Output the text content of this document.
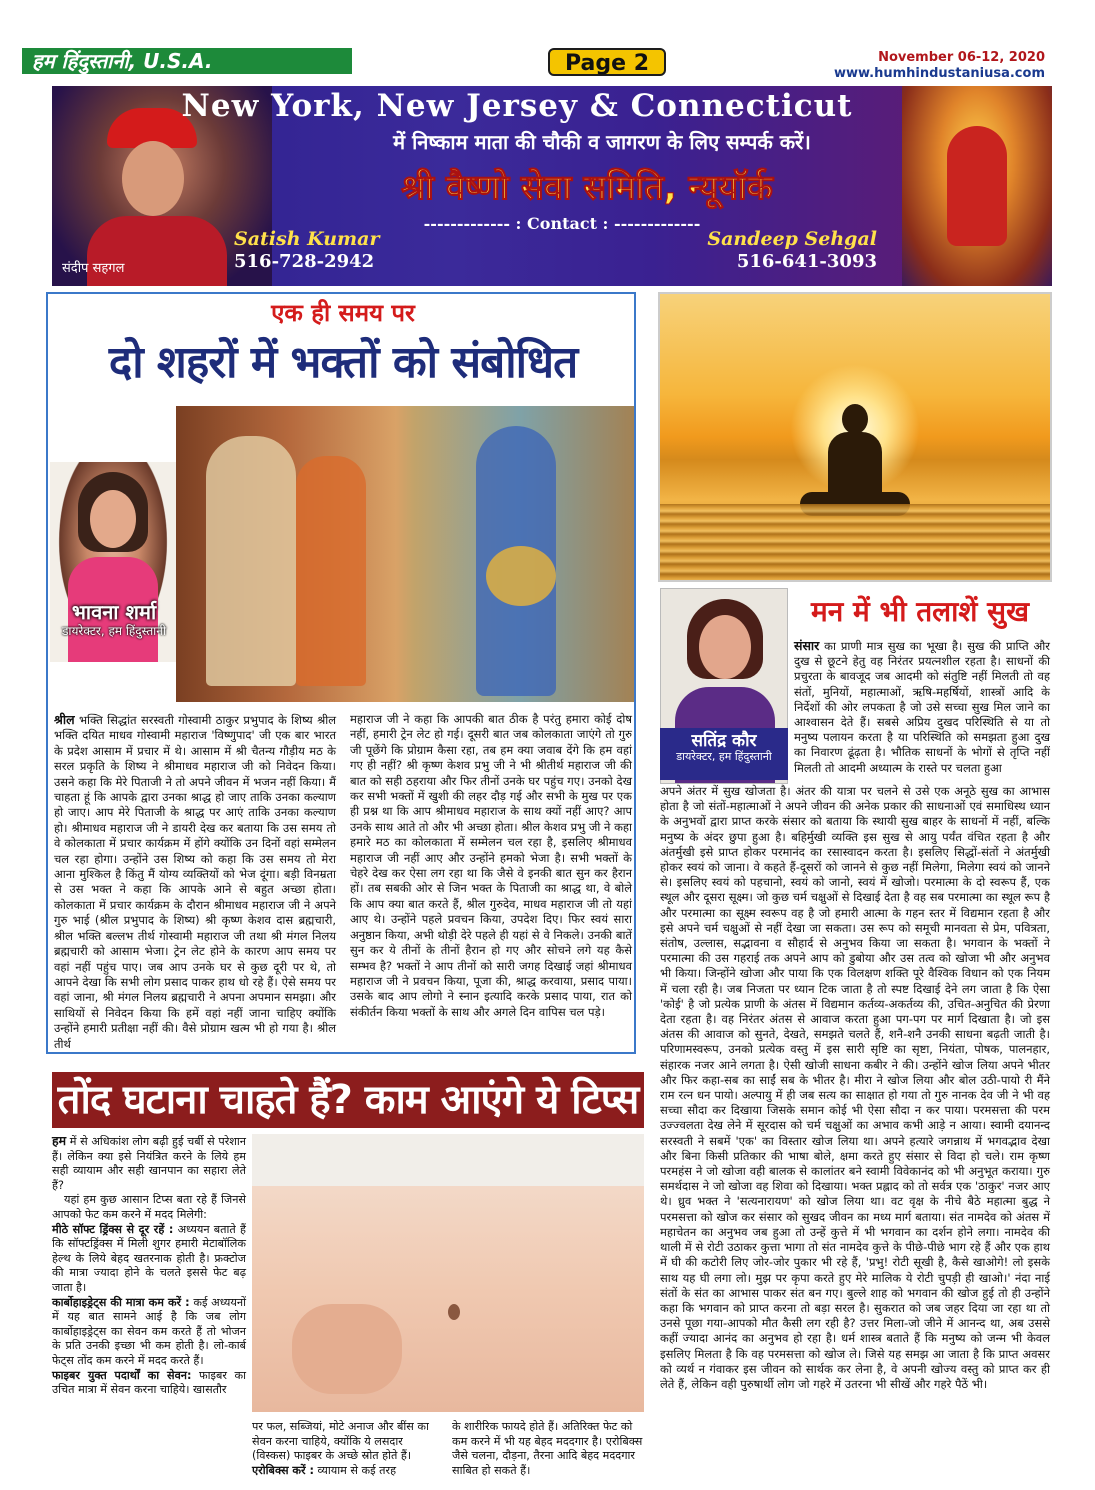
हम हिंदुस्तानी, U.S.A.	Page 2	November 06-12, 2020
www.humhindustaniusa.com
संदीप सहगल
New York, New Jersey & Connecticut
में निष्काम माता की चौकी व जागरण के लिए सम्पर्क करें।
श्री वैष्णो सेवा समिति, न्यूयॉर्क
------------- : Contact : -------------
Satish Kumar
516-728-2942
Sandeep Sehgal
516-641-3093
एक ही समय पर
दो शहरों में भक्तों को संबोधित
भावना शर्मा
डायरेक्टर, हम हिंदुस्तानी
श्रील भक्ति सिद्धांत सरस्वती गोस्वामी ठाकुर प्रभुपाद के शिष्य श्रील भक्ति दयित माधव गोस्वामी महाराज 'विष्णुपाद' जी एक बार भारत के प्रदेश आसाम में प्रचार में थे। आसाम में श्री चैतन्य गौड़ीय मठ के सरल प्रकृति के शिष्य ने श्रीमाधव महाराज जी को निवेदन किया। उसने कहा कि मेरे पिताजी ने तो अपने जीवन में भजन नहीं किया। मैं चाहता हूं कि आपके द्वारा उनका श्राद्ध हो जाए ताकि उनका कल्याण हो जाए। आप मेरे पिताजी के श्राद्ध पर आएं ताकि उनका कल्याण हो। श्रीमाधव महाराज जी ने डायरी देख कर बताया कि उस समय तो वे कोलकाता में प्रचार कार्यक्रम में होंगे क्योंकि उन दिनों वहां सम्मेलन चल रहा होगा। उन्होंने उस शिष्य को कहा कि उस समय तो मेरा आना मुश्किल है किंतु मैं योग्य व्यक्तियों को भेज दूंगा। बड़ी विनम्रता से उस भक्त ने कहा कि आपके आने से बहुत अच्छा होता। कोलकाता में प्रचार कार्यक्रम के दौरान श्रीमाधव महाराज जी ने अपने गुरु भाई (श्रील प्रभुपाद के शिष्य) श्री कृष्ण केशव दास ब्रह्मचारी, श्रील भक्ति बल्लभ तीर्थ गोस्वामी महाराज जी तथा श्री मंगल निलय ब्रह्मचारी को आसाम भेजा। ट्रेन लेट होने के कारण आप समय पर वहां नहीं पहुंच पाए। जब आप उनके घर से कुछ दूरी पर थे, तो आपने देखा कि सभी लोग प्रसाद पाकर हाथ धो रहे हैं। ऐसे समय पर वहां जाना, श्री मंगल निलय ब्रह्मचारी ने अपना अपमान समझा। और साथियों से निवेदन किया कि हमें वहां नहीं जाना चाहिए क्योंकि उन्होंने हमारी प्रतीक्षा नहीं की। वैसे प्रोग्राम खत्म भी हो गया है। श्रील तीर्थ
महाराज जी ने कहा कि आपकी बात ठीक है परंतु हमारा कोई दोष नहीं, हमारी ट्रेन लेट हो गई। दूसरी बात जब कोलकाता जाएंगे तो गुरु जी पूछेंगे कि प्रोग्राम कैसा रहा, तब हम क्या जवाब देंगे कि हम वहां गए ही नहीं? श्री कृष्ण केशव प्रभु जी ने भी श्रीतीर्थ महाराज जी की बात को सही ठहराया और फिर तीनों उनके घर पहुंच गए। उनको देख कर सभी भक्तों में खुशी की लहर दौड़ गई और सभी के मुख पर एक ही प्रश्न था कि आप श्रीमाधव महाराज के साथ क्यों नहीं आए? आप उनके साथ आते तो और भी अच्छा होता। श्रील केशव प्रभु जी ने कहा हमारे मठ का कोलकाता में सम्मेलन चल रहा है, इसलिए श्रीमाधव महाराज जी नहीं आए और उन्होंने हमको भेजा है। सभी भक्तों के चेहरे देख कर ऐसा लग रहा था कि जैसे वे इनकी बात सुन कर हैरान हों। तब सबकी ओर से जिन भक्त के पिताजी का श्राद्ध था, वे बोले कि आप क्या बात करते हैं, श्रील गुरुदेव, माधव महाराज जी तो यहां आए थे। उन्होंने पहले प्रवचन किया, उपदेश दिए। फिर स्वयं सारा अनुष्ठान किया, अभी थोड़ी देरे पहले ही यहां से वे निकले। उनकी बातें सुन कर ये तीनों के तीनों हैरान हो गए और सोचने लगे यह कैसे सम्भव है? भक्तों ने आप तीनों को सारी जगह दिखाई जहां श्रीमाधव महाराज जी ने प्रवचन किया, पूजा की, श्राद्ध करवाया, प्रसाद पाया। उसके बाद आप लोगो ने स्नान इत्यादि करके प्रसाद पाया, रात को संकीर्तन किया भक्तों के साथ और अगले दिन वापिस चल पड़े।
सतिंद्र कौर
डायरेक्टर, हम हिंदुस्तानी
मन में भी तलाशें सुख
संसार का प्राणी मात्र सुख का भूखा है। सुख की प्राप्ति और दुख से छूटने हेतु वह निरंतर प्रयत्नशील रहता है। साधनों की प्रचुरता के बावजूद जब आदमी को संतुष्टि नहीं मिलती तो वह संतों, मुनियों, महात्माओं, ऋषि-महर्षियों, शास्त्रों आदि के निर्देशों की ओर लपकता है जो उसे सच्चा सुख मिल जाने का आश्वासन देते हैं। सबसे अप्रिय दुखद परिस्थिति से या तो मनुष्य पलायन करता है या परिस्थिति को समझता हुआ दुख का निवारण ढूंढ़ता है। भौतिक साधनों के भोगों से तृप्ति नहीं मिलती तो आदमी अध्यात्म के रास्ते पर चलता हुआ
अपने अंतर में सुख खोजता है। अंतर की यात्रा पर चलने से उसे एक अनूठे सुख का आभास होता है जो संतों-महात्माओं ने अपने जीवन की अनेक प्रकार की साधनाओं एवं समाधिस्थ ध्यान के अनुभवों द्वारा प्राप्त करके संसार को बताया कि स्थायी सुख बाहर के साधनों में नहीं, बल्कि मनुष्य के अंदर छुपा हुआ है। बहिर्मुखी व्यक्ति इस सुख से आयु पर्यंत वंचित रहता है और अंतर्मुखी इसे प्राप्त होकर परमानंद का रसास्वादन करता है। इसलिए सिद्धों-संतों ने अंतर्मुखी होकर स्वयं को जाना। वे कहते हैं-दूसरों को जानने से कुछ नहीं मिलेगा, मिलेगा स्वयं को जानने से। इसलिए स्वयं को पहचानो, स्वयं को जानो, स्वयं में खोजो। परमात्मा के दो स्वरूप हैं, एक स्थूल और दूसरा सूक्ष्म। जो कुछ चर्म चक्षुओं से दिखाई देता है वह सब परमात्मा का स्थूल रूप है और परमात्मा का सूक्ष्म स्वरूप वह है जो हमारी आत्मा के गहन स्तर में विद्यमान रहता है और इसे अपने चर्म चक्षुओं से नहीं देखा जा सकता। उस रूप को समूची मानवता से प्रेम, पवित्रता, संतोष, उल्लास, सद्भावना व सौहार्द से अनुभव किया जा सकता है। भगवान के भक्तों ने परमात्मा की उस गहराई तक अपने आप को डुबोया और उस तत्व को खोजा भी और अनुभव भी किया। जिन्होंने खोजा और पाया कि एक विलक्षण शक्ति पूरे वैश्विक विधान को एक नियम में चला रही है। जब निजता पर ध्यान टिक जाता है तो स्पष्ट दिखाई देने लग जाता है कि ऐसा 'कोई' है जो प्रत्येक प्राणी के अंतस में विद्यमान कर्तव्य-अकर्तव्य की, उचित-अनुचित की प्रेरणा देता रहता है। वह निरंतर अंतस से आवाज करता हुआ पग-पग पर मार्ग दिखाता है। जो इस अंतस की आवाज को सुनते, देखते, समझते चलते हैं, शनै-शनै उनकी साधना बढ़ती जाती है। परिणामस्वरूप, उनको प्रत्येक वस्तु में इस सारी सृष्टि का सृष्टा, नियंता, पोषक, पालनहार, संहारक नजर आने लगता है। ऐसी खोजी साधना कबीर ने की। उन्होंने खोज लिया अपने भीतर और फिर कहा-सब का साईं सब के भीतर है। मीरा ने खोज लिया और बोल उठी-पायो री मैंने राम रत्न धन पायो। अल्पायु में ही जब सत्य का साक्षात हो गया तो गुरु नानक देव जी ने भी वह सच्चा सौदा कर दिखाया जिसके समान कोई भी ऐसा सौदा न कर पाया। परमसत्ता की परम उज्ज्वलता देख लेने में सूरदास को चर्म चक्षुओं का अभाव कभी आड़े न आया। स्वामी दयानन्द सरस्वती ने सबमें 'एक' का विस्तार खोज लिया था। अपने हत्यारे जगन्नाथ में भगवद्भाव देखा और बिना किसी प्रतिकार की भाषा बोले, क्षमा करते हुए संसार से विदा हो चले। राम कृष्ण परमहंस ने जो खोजा वही बालक से कालांतर बने स्वामी विवेकानंद को भी अनुभूत कराया। गुरु समर्थदास ने जो खोजा वह शिवा को दिखाया। भक्त प्रह्लाद को तो सर्वत्र एक 'ठाकुर' नजर आए थे। ध्रुव भक्त ने 'सत्यनारायण' को खोज लिया था। वट वृक्ष के नीचे बैठे महात्मा बुद्ध ने परमसत्ता को खोज कर संसार को सुखद जीवन का मध्य मार्ग बताया। संत नामदेव को अंतस में महाचेतन का अनुभव जब हुआ तो उन्हें कुत्ते में भी भगवान का दर्शन होने लगा। नामदेव की थाली में से रोटी उठाकर कुत्ता भागा तो संत नामदेव कुत्ते के पीछे-पीछे भाग रहे हैं और एक हाथ में घी की कटोरी लिए जोर-जोर पुकार भी रहे हैं, 'प्रभु! रोटी सूखी है, कैसे खाओगे! लो इसके साथ यह घी लगा लो। मुझ पर कृपा करते हुए मेरे मालिक ये रोटी चुपड़ी ही खाओ।' नंदा नाई संतों के संत का आभास पाकर संत बन गए। बुल्ले शाह को भगवान की खोज हुई तो ही उन्होंने कहा कि भगवान को प्राप्त करना तो बड़ा सरल है। सुकरात को जब जहर दिया जा रहा था तो उनसे पूछा गया-आपको मौत कैसी लग रही है? उत्तर मिला-जो जीने में आनन्द था, अब उससे कहीं ज्यादा आनंद का अनुभव हो रहा है। धर्म शास्त्र बताते हैं कि मनुष्य को जन्म भी केवल इसलिए मिलता है कि वह परमसत्ता को खोज ले। जिसे यह समझ आ जाता है कि प्राप्त अवसर को व्यर्थ न गंवाकर इस जीवन को सार्थक कर लेना है, वे अपनी खोज्य वस्तु को प्राप्त कर ही लेते हैं, लेकिन वही पुरुषार्थी लोग जो गहरे में उतरना भी सीखें और गहरे पैठें भी।
तोंद घटाना चाहते हैं? काम आएंगे ये टिप्स
हम में से अधिकांश लोग बढ़ी हुई चर्बी से परेशान हैं। लेकिन क्या इसे नियंत्रित करने के लिये हम सही व्यायाम और सही खानपान का सहारा लेते हैं?
यहां हम कुछ आसान टिप्स बता रहे हैं जिनसे आपको फेट कम करने में मदद मिलेगी:
मीठे सॉफ्ट ड्रिंक्स से दूर रहें : अध्ययन बताते हैं कि सॉफ्टड्रिंक्स में मिली शुगर हमारी मेटाबॉलिक हेल्थ के लिये बेहद खतरनाक होती है। फ्रक्टोज की मात्रा ज्यादा होने के चलते इससे फेट बढ़ जाता है।
कार्बोहाइड्रेट्स की मात्रा कम करें : कई अध्ययनों में यह बात सामने आई है कि जब लोग कार्बोहाइड्रेट्स का सेवन कम करते हैं तो भोजन के प्रति उनकी इच्छा भी कम होती है। लो-कार्ब फेट्स तोंद कम करने में मदद करते हैं।
फाइबर युक्त पदार्थों का सेवन: फाइबर का उचित मात्रा में सेवन करना चाहिये। खासतौर
पर फल, सब्जियां, मोटे अनाज और बींस का सेवन करना चाहिये, क्योंकि ये लसदार (विस्कस) फाइबर के अच्छे स्रोत होते हैं।
एरोबिक्स करें : व्यायाम से कई तरह
के शारीरिक फायदे होते हैं। अतिरिक्त फेट को कम करने में भी यह बेहद मददगार है। एरोबिक्स जैसे चलना, दौड़ना, तैरना आदि बेहद मददगार साबित हो सकते हैं।
